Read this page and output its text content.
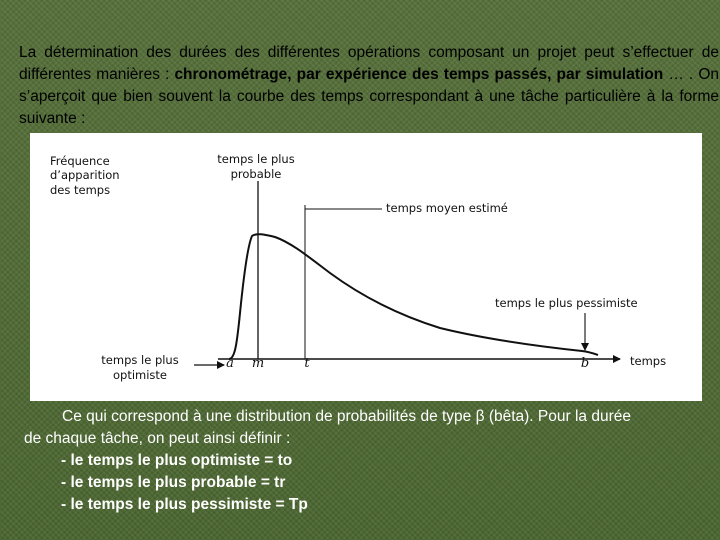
La détermination des durées des différentes opérations composant un projet peut s’effectuer de différentes manières : chronométrage, par expérience des temps passés, par simulation … . On s’aperçoit que bien souvent la courbe des temps correspondant à une tâche particulière à la forme suivante :
Fréquence
d’apparition
des temps
temps le plus
probable
temps moyen estimé
temps le plus pessimiste
temps le plus
optimiste
temps
a m	t	b
Ce qui correspond à une distribution de probabilités de type β (bêta). Pour la durée
de chaque tâche, on peut ainsi définir :
- le temps le plus optimiste = to
- le temps le plus probable = tr
- le temps le plus pessimiste = Tp
